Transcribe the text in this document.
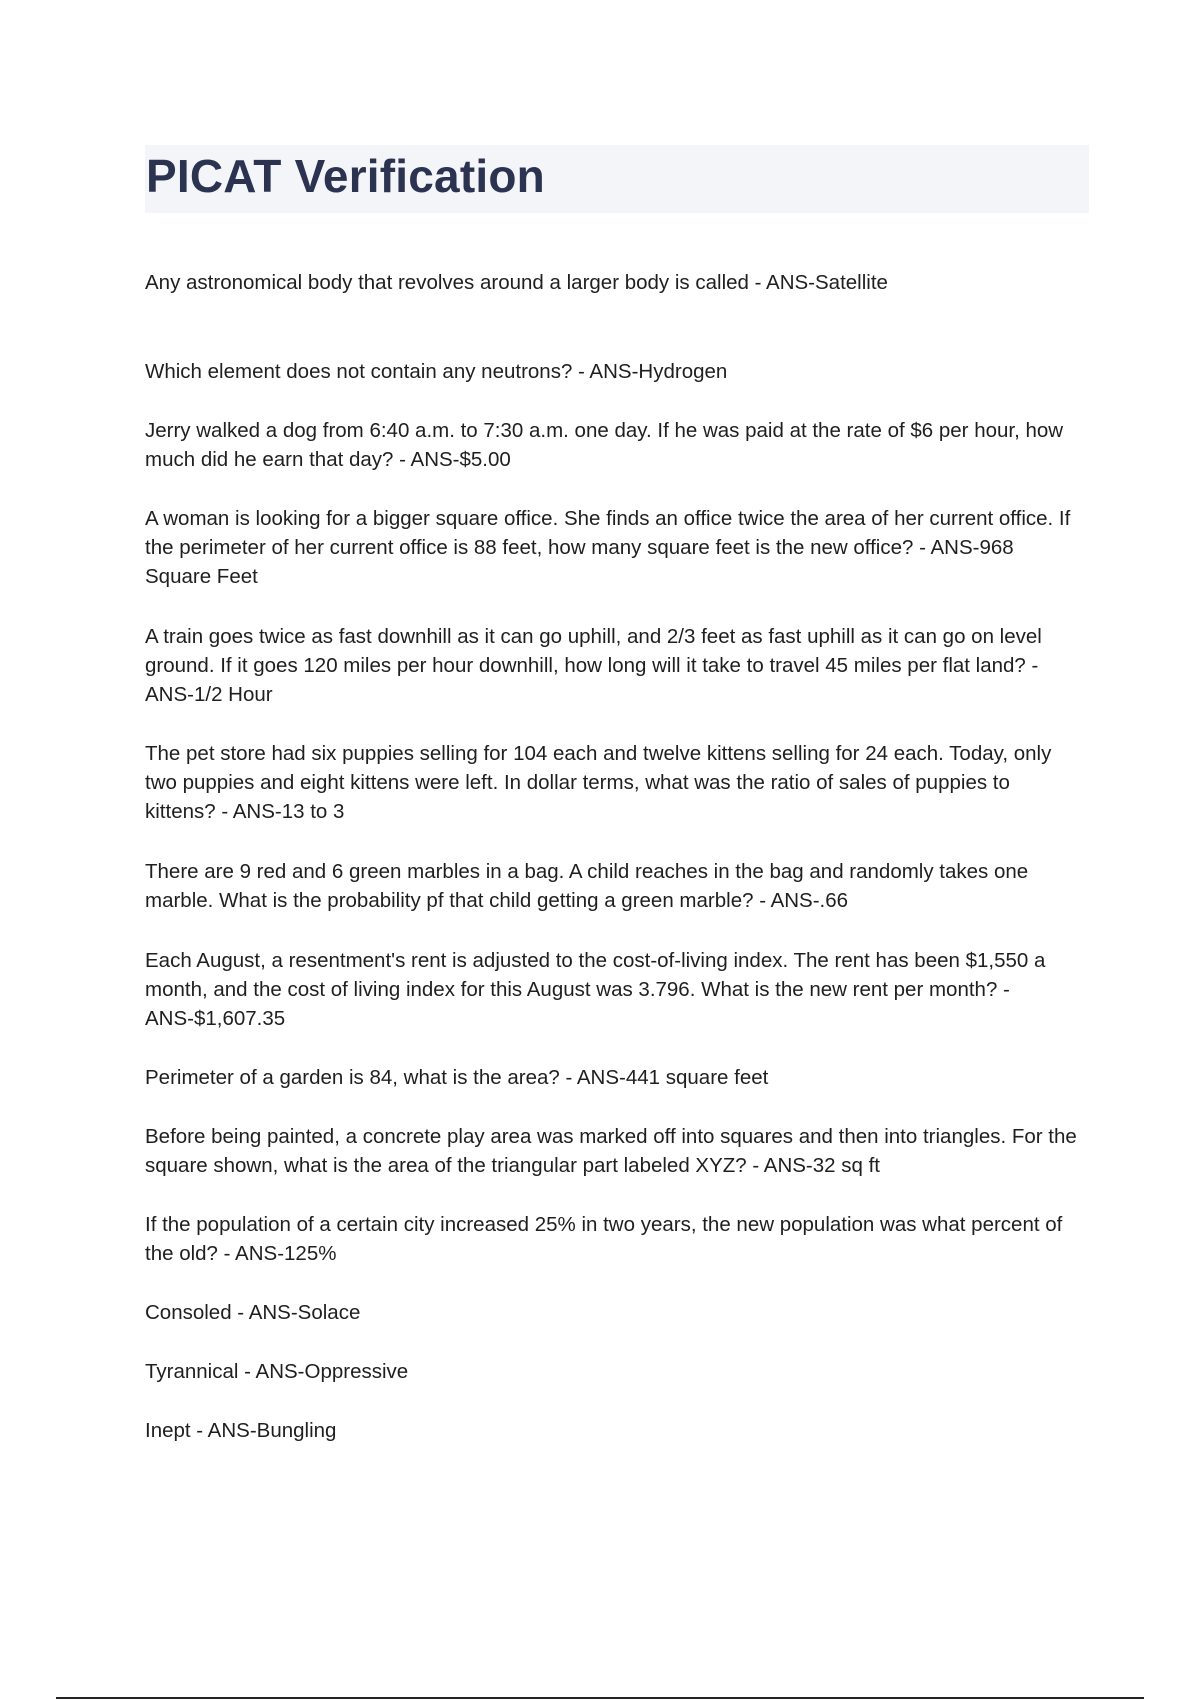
PICAT Verification
Any astronomical body that revolves around a larger body is called - ANS-Satellite
Which element does not contain any neutrons? - ANS-Hydrogen
Jerry walked a dog from 6:40 a.m. to 7:30 a.m. one day. If he was paid at the rate of $6 per hour, how much did he earn that day? - ANS-$5.00
A woman is looking for a bigger square office. She finds an office twice the area of her current office. If the perimeter of her current office is 88 feet, how many square feet is the new office? - ANS-968 Square Feet
A train goes twice as fast downhill as it can go uphill, and 2/3 feet as fast uphill as it can go on level ground. If it goes 120 miles per hour downhill, how long will it take to travel 45 miles per flat land? - ANS-1/2 Hour
The pet store had six puppies selling for 104 each and twelve kittens selling for 24 each. Today, only two puppies and eight kittens were left. In dollar terms, what was the ratio of sales of puppies to kittens? - ANS-13 to 3
There are 9 red and 6 green marbles in a bag. A child reaches in the bag and randomly takes one marble. What is the probability pf that child getting a green marble? - ANS-.66
Each August, a resentment's rent is adjusted to the cost-of-living index. The rent has been $1,550 a month, and the cost of living index for this August was 3.796. What is the new rent per month? - ANS-$1,607.35
Perimeter of a garden is 84, what is the area? - ANS-441 square feet
Before being painted, a concrete play area was marked off into squares and then into triangles. For the square shown, what is the area of the triangular part labeled XYZ? - ANS-32 sq ft
If the population of a certain city increased 25% in two years, the new population was what percent of the old? - ANS-125%
Consoled - ANS-Solace
Tyrannical - ANS-Oppressive
Inept - ANS-Bungling
